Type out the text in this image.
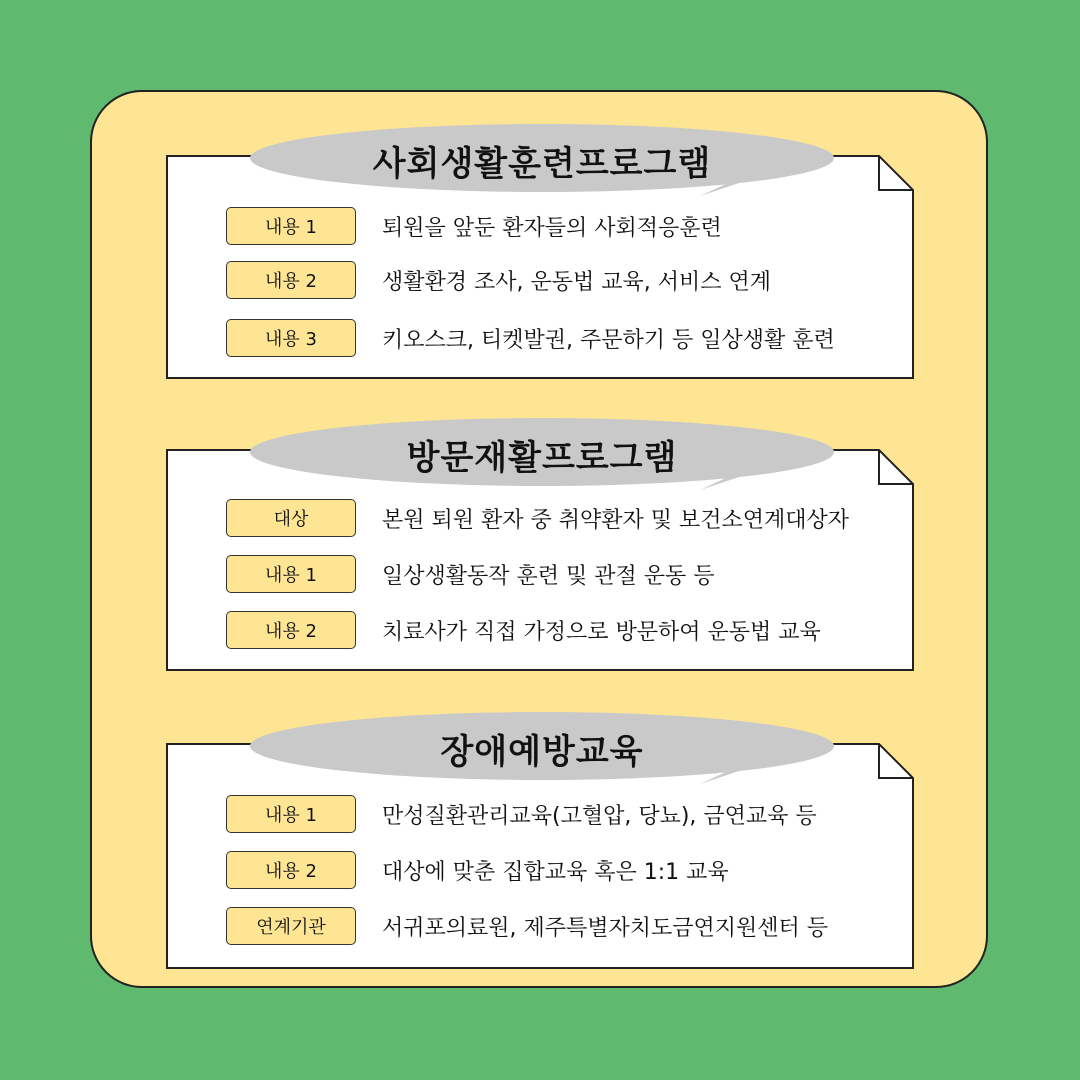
사회생활훈련프로그램
내용 1	퇴원을 앞둔 환자들의 사회적응훈련
내용 2	생활환경 조사, 운동법 교육, 서비스 연계
내용 3	키오스크, 티켓발권, 주문하기 등 일상생활 훈련
방문재활프로그램
대상	본원 퇴원 환자 중 취약환자 및 보건소연계대상자
내용 1	일상생활동작 훈련 및 관절 운동 등
내용 2	치료사가 직접 가정으로 방문하여 운동법 교육
장애예방교육
내용 1	만성질환관리교육(고혈압, 당뇨), 금연교육 등
내용 2	대상에 맞춘 집합교육 혹은 1:1 교육
연계기관	서귀포의료원, 제주특별자치도금연지원센터 등
